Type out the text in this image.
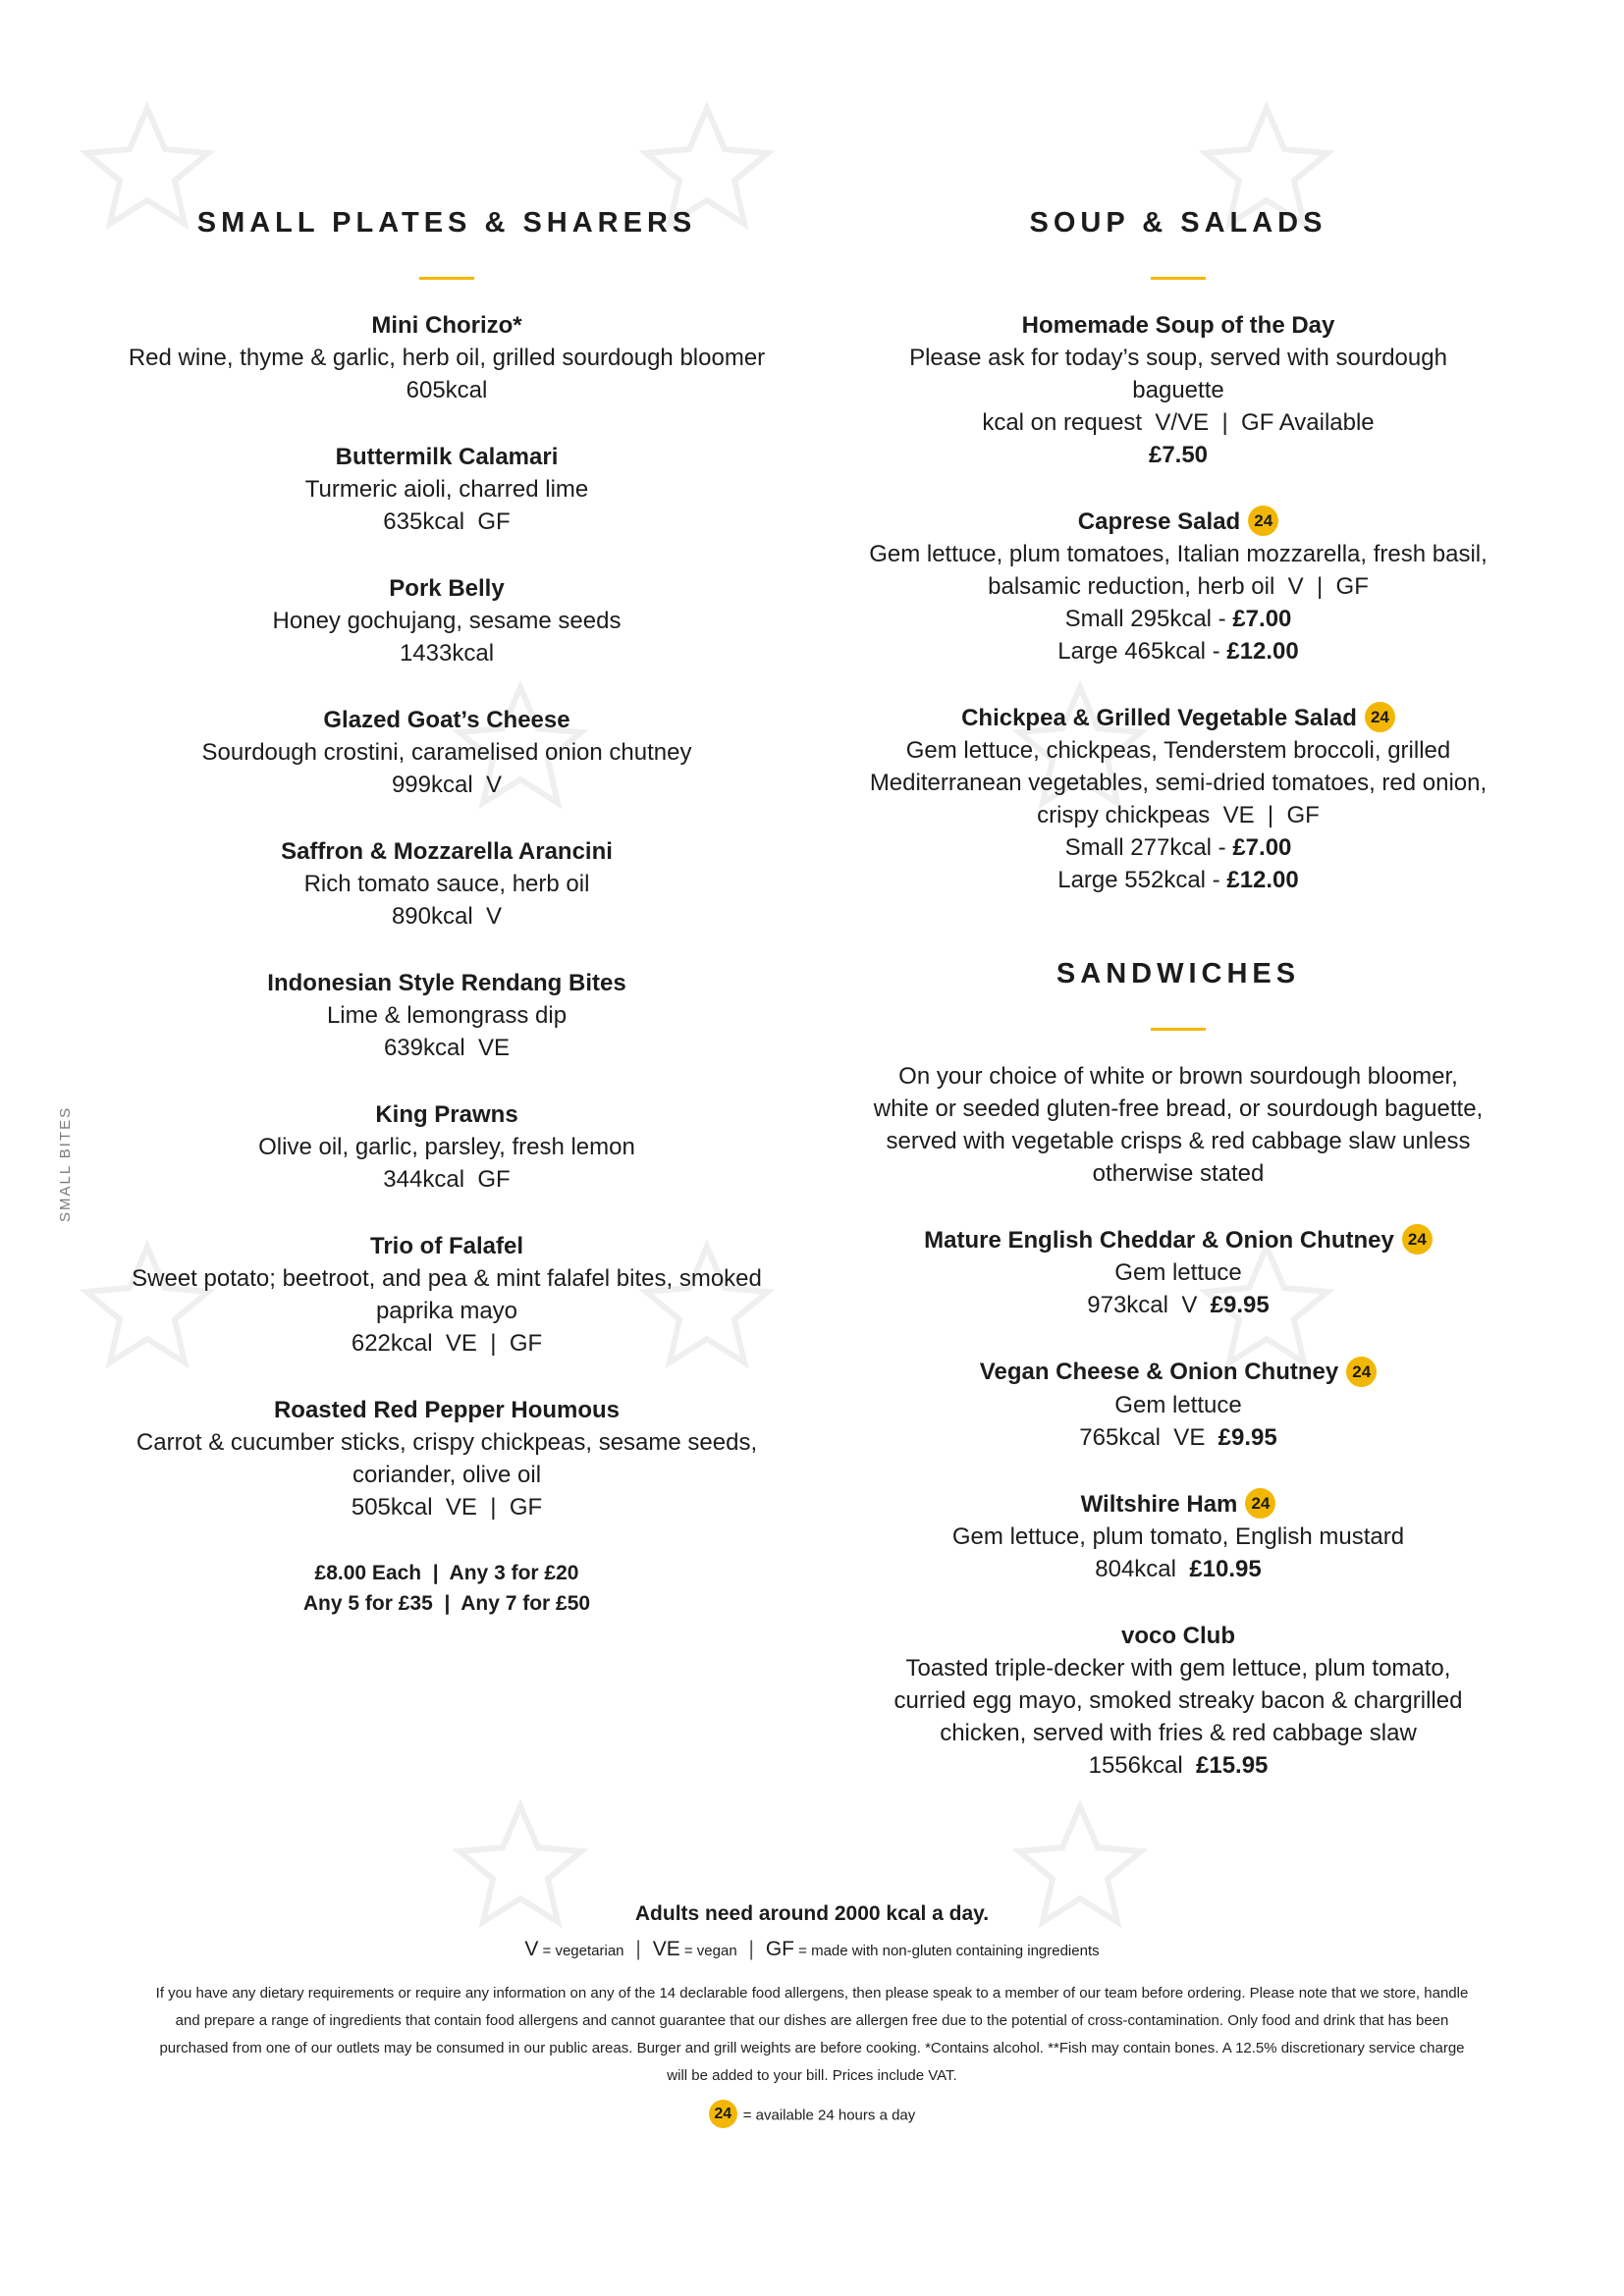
SMALL BITES
SMALL PLATES & SHARERS
Mini Chorizo*
Red wine, thyme & garlic, herb oil, grilled sourdough bloomer
605kcal
Buttermilk Calamari
Turmeric aioli, charred lime
635kcal  GF
Pork Belly
Honey gochujang, sesame seeds
1433kcal
Glazed Goat’s Cheese
Sourdough crostini, caramelised onion chutney
999kcal  V
Saffron & Mozzarella Arancini
Rich tomato sauce, herb oil
890kcal  V
Indonesian Style Rendang Bites
Lime & lemongrass dip
639kcal  VE
King Prawns
Olive oil, garlic, parsley, fresh lemon
344kcal  GF
Trio of Falafel
Sweet potato; beetroot, and pea & mint falafel bites, smoked paprika mayo
622kcal  VE  |  GF
Roasted Red Pepper Houmous
Carrot & cucumber sticks, crispy chickpeas, sesame seeds, coriander, olive oil
505kcal  VE  |  GF
£8.00 Each  |  Any 3 for £20
Any 5 for £35  |  Any 7 for £50
SOUP & SALADS
Homemade Soup of the Day
Please ask for today’s soup, served with sourdough baguette
kcal on request  V/VE  |  GF Available
£7.50
Caprese Salad 24
Gem lettuce, plum tomatoes, Italian mozzarella, fresh basil, balsamic reduction, herb oil  V  |  GF
Small 295kcal - £7.00
Large 465kcal - £12.00
Chickpea & Grilled Vegetable Salad 24
Gem lettuce, chickpeas, Tenderstem broccoli, grilled Mediterranean vegetables, semi-dried tomatoes, red onion, crispy chickpeas  VE  |  GF
Small 277kcal - £7.00
Large 552kcal - £12.00
SANDWICHES
On your choice of white or brown sourdough bloomer, white or seeded gluten-free bread, or sourdough baguette, served with vegetable crisps & red cabbage slaw unless otherwise stated
Mature English Cheddar & Onion Chutney 24
Gem lettuce
973kcal  V  £9.95
Vegan Cheese & Onion Chutney 24
Gem lettuce
765kcal  VE  £9.95
Wiltshire Ham 24
Gem lettuce, plum tomato, English mustard
804kcal  £10.95
voco Club
Toasted triple-decker with gem lettuce, plum tomato, curried egg mayo, smoked streaky bacon & chargrilled chicken, served with fries & red cabbage slaw
1556kcal  £15.95
Adults need around 2000 kcal a day.
V = vegetarian | VE = vegan | GF = made with non-gluten containing ingredients
If you have any dietary requirements or require any information on any of the 14 declarable food allergens, then please speak to a member of our team before ordering. Please note that we store, handle and prepare a range of ingredients that contain food allergens and cannot guarantee that our dishes are allergen free due to the potential of cross-contamination. Only food and drink that has been purchased from one of our outlets may be consumed in our public areas. Burger and grill weights are before cooking. *Contains alcohol. **Fish may contain bones. A 12.5% discretionary service charge will be added to your bill. Prices include VAT.
24 = available 24 hours a day
